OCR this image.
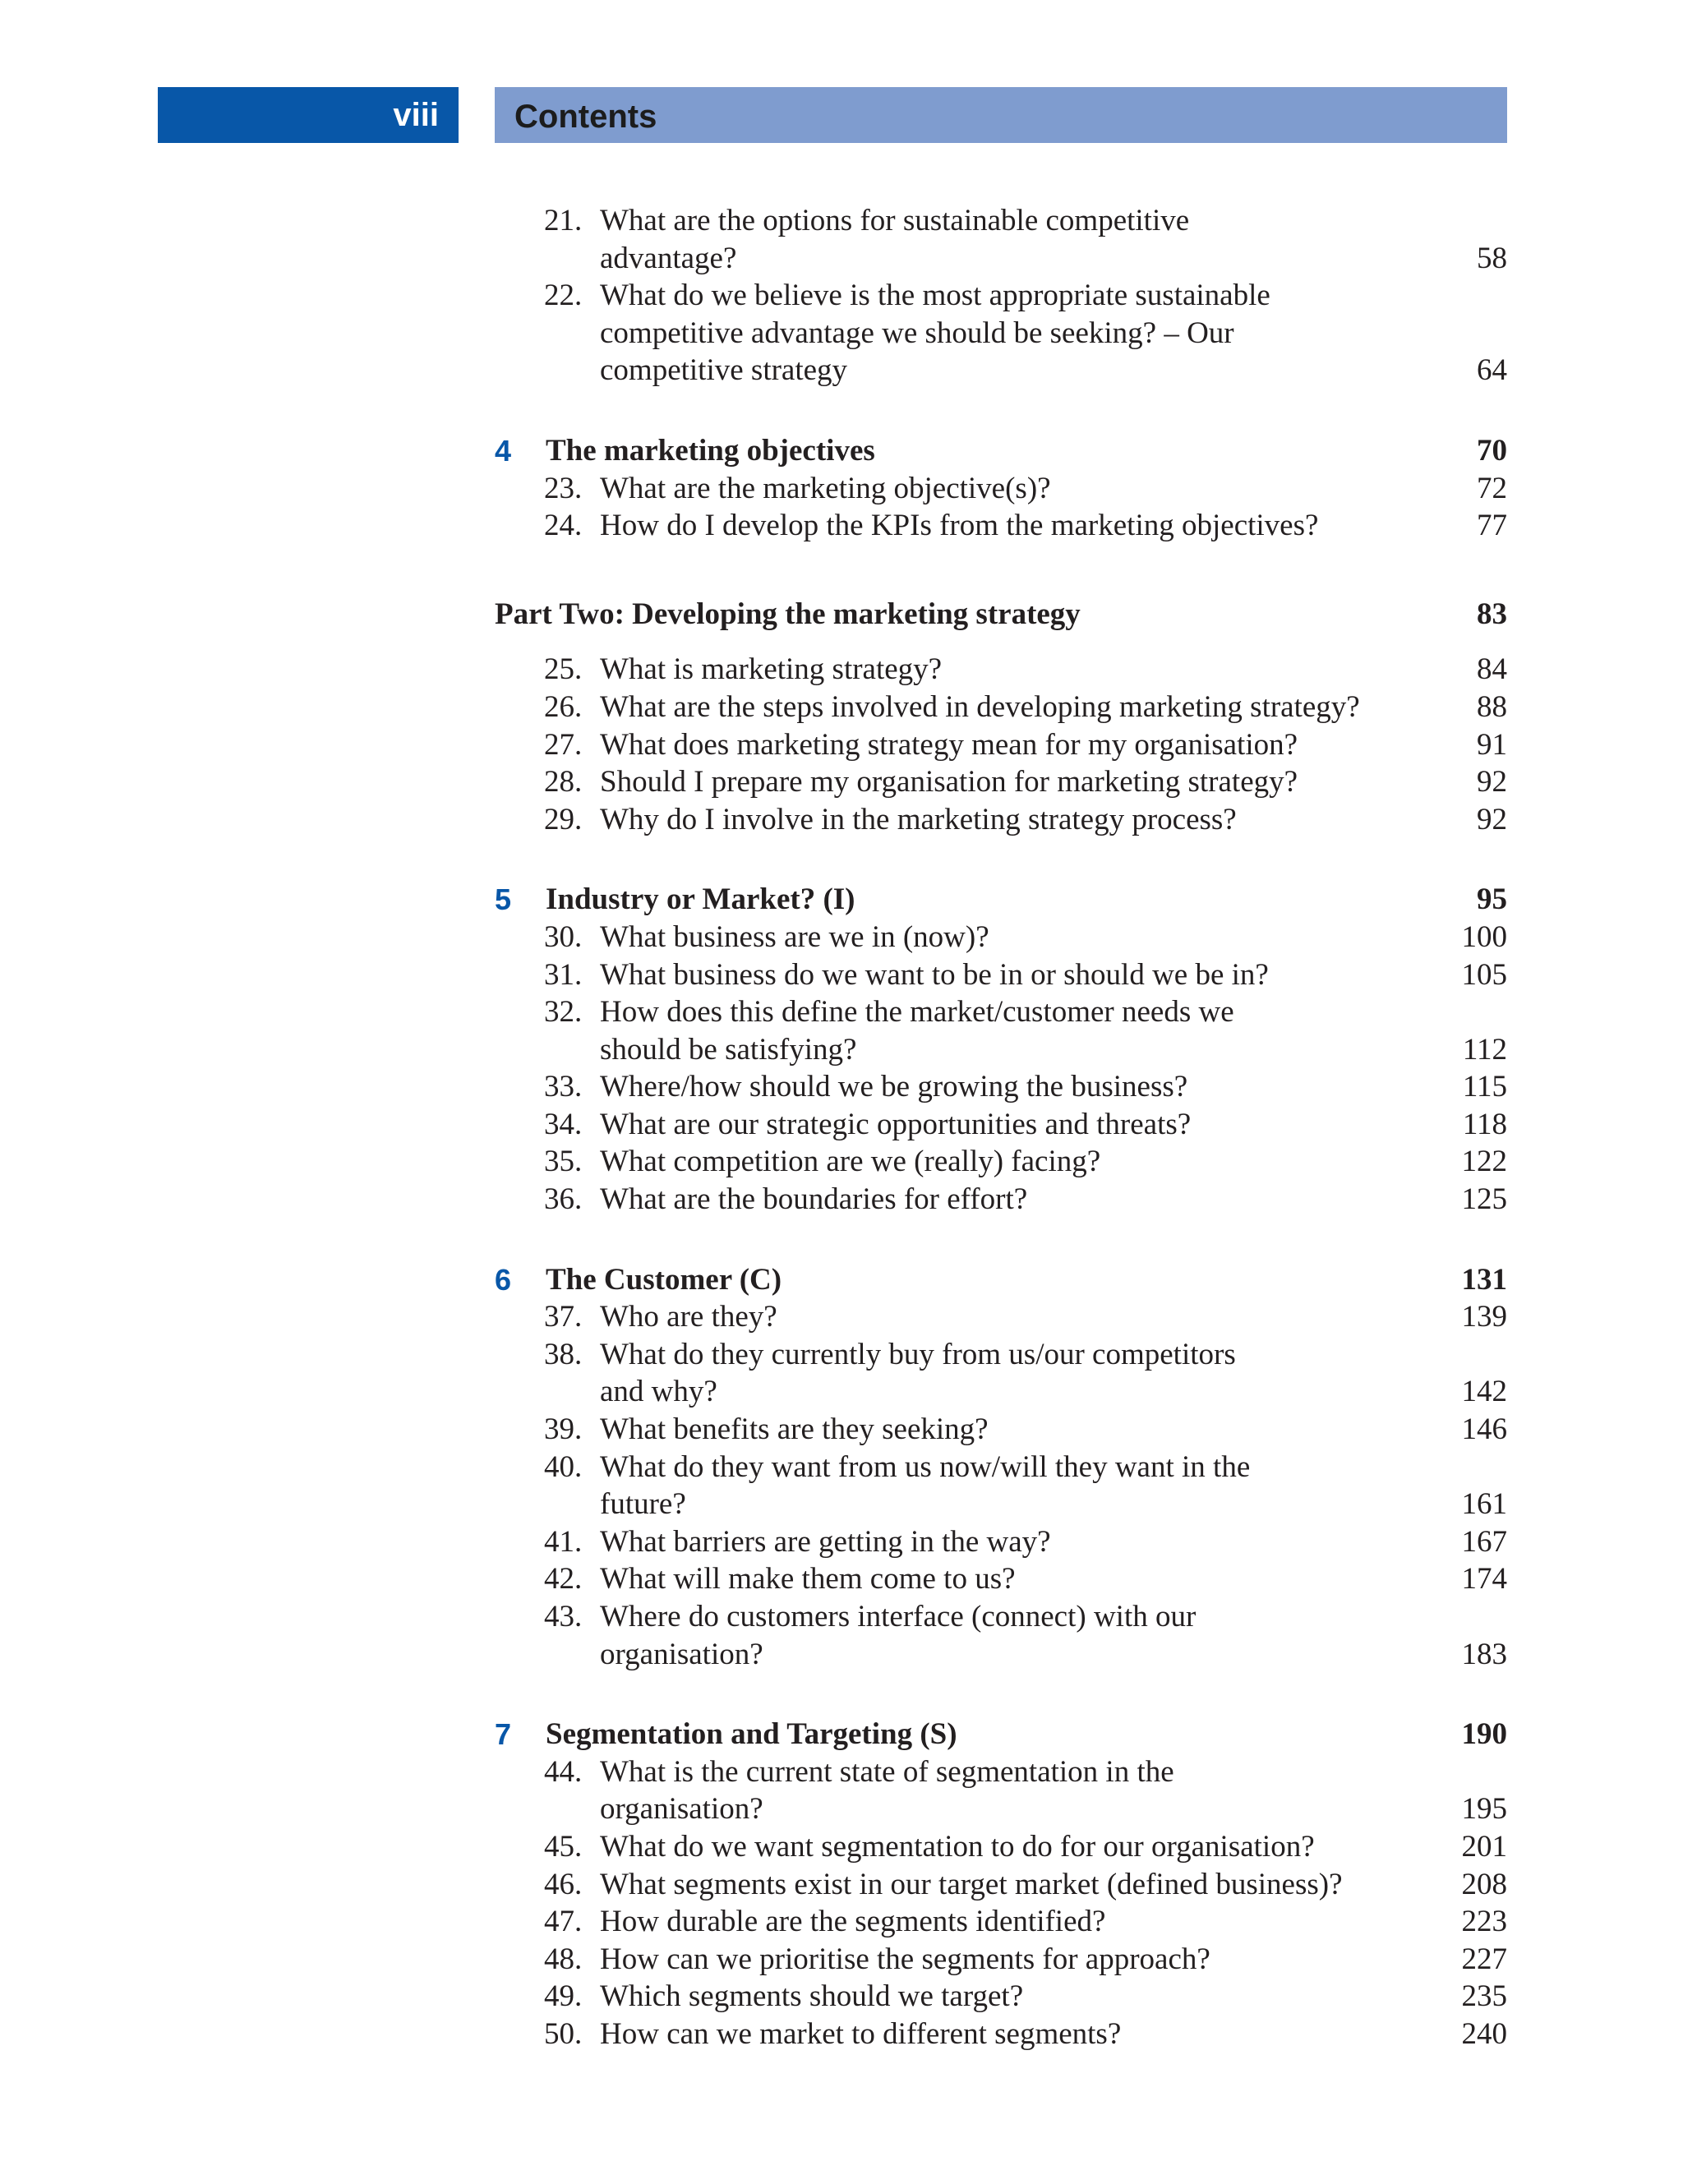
viii Contents
21. What are the options for sustainable competitive
advantage?	58
22. What do we believe is the most appropriate sustainable
competitive advantage we should be seeking? – Our
competitive strategy	64
4 The marketing objectives	70
23. What are the marketing objective(s)?	72
24. How do I develop the KPIs from the marketing objectives?	77
Part Two: Developing the marketing strategy	83
25. What is marketing strategy?	84
26. What are the steps involved in developing marketing strategy?	88
27. What does marketing strategy mean for my organisation?	91
28. Should I prepare my organisation for marketing strategy?	92
29. Why do I involve in the marketing strategy process?	92
5 Industry or Market? (I)	95
30. What business are we in (now)?	100
31. What business do we want to be in or should we be in?	105
32. How does this define the market/customer needs we
should be satisfying?	112
33. Where/how should we be growing the business?	115
34. What are our strategic opportunities and threats?	118
35. What competition are we (really) facing?	122
36. What are the boundaries for effort?	125
6 The Customer (C)	131
37. Who are they?	139
38. What do they currently buy from us/our competitors
and why?	142
39. What benefits are they seeking?	146
40. What do they want from us now/will they want in the
future?	161
41. What barriers are getting in the way?	167
42. What will make them come to us?	174
43. Where do customers interface (connect) with our
organisation?	183
7 Segmentation and Targeting (S)	190
44. What is the current state of segmentation in the
organisation?	195
45. What do we want segmentation to do for our organisation?	201
46. What segments exist in our target market (defined business)?	208
47. How durable are the segments identified?	223
48. How can we prioritise the segments for approach?	227
49. Which segments should we target?	235
50. How can we market to different segments?	240
